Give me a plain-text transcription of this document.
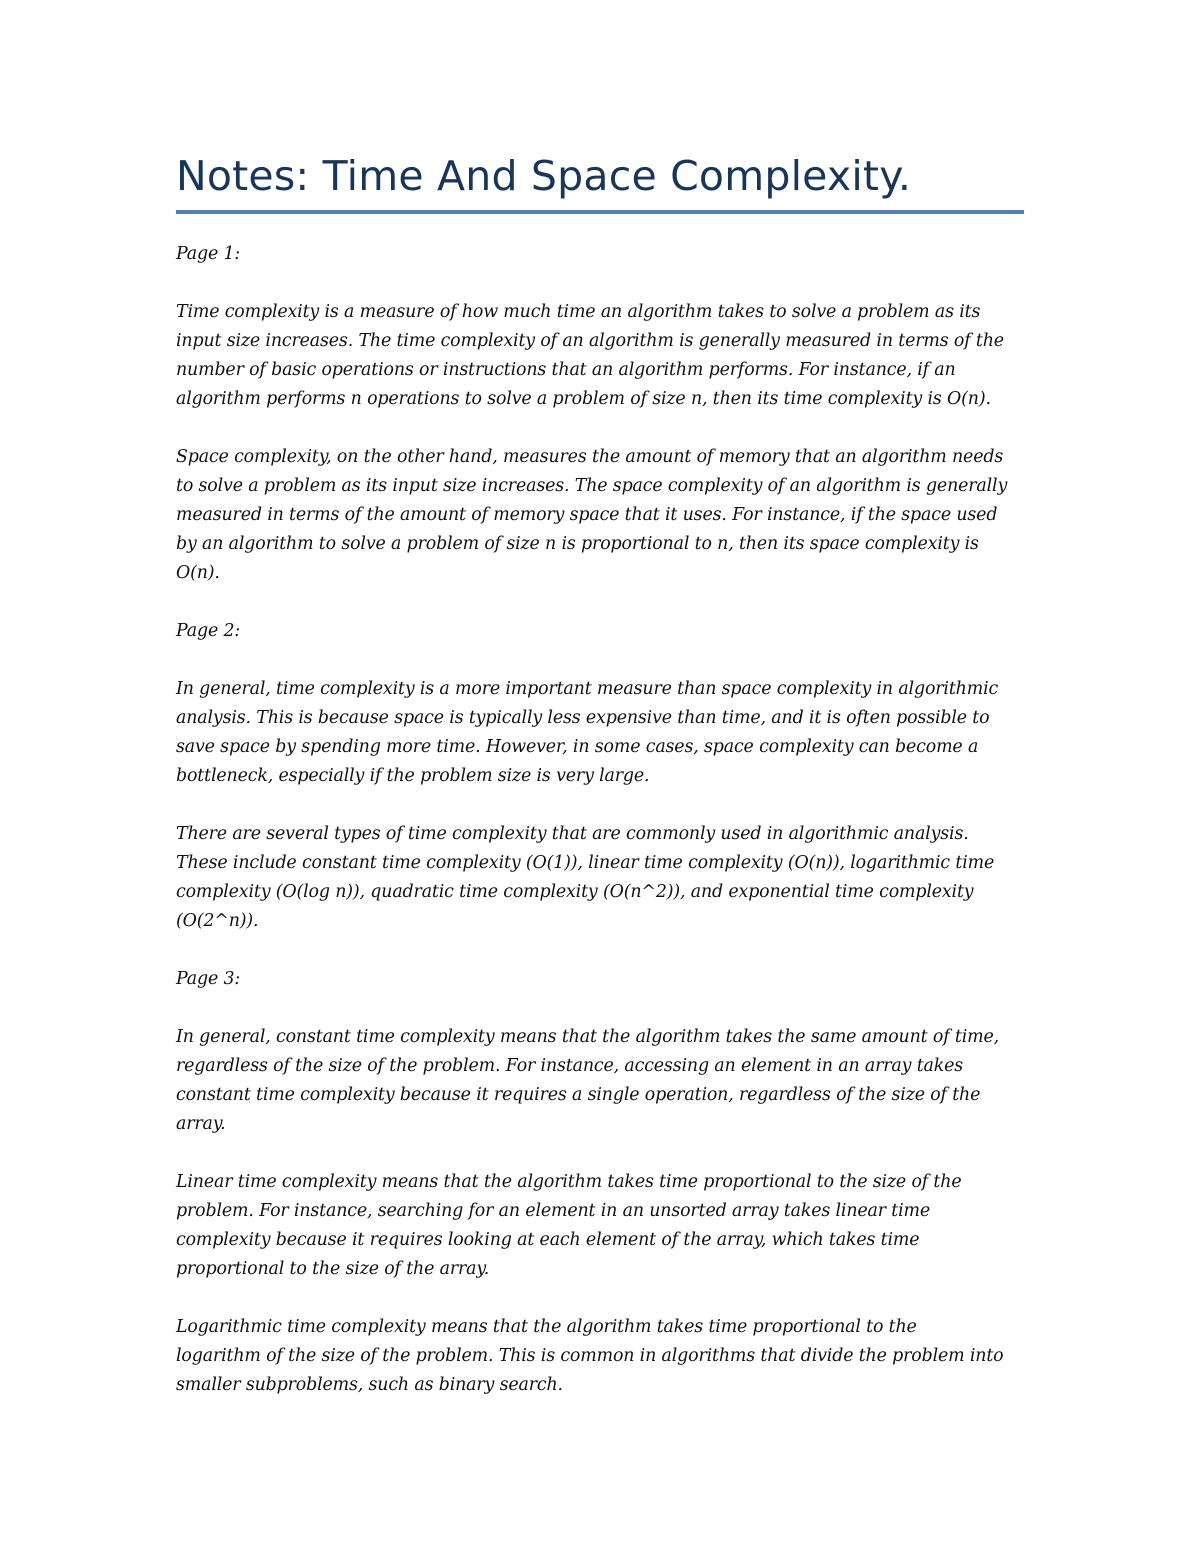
Notes: Time And Space Complexity.

Page 1:

Time complexity is a measure of how much time an algorithm takes to solve a problem as its
input size increases. The time complexity of an algorithm is generally measured in terms of the
number of basic operations or instructions that an algorithm performs. For instance, if an
algorithm performs n operations to solve a problem of size n, then its time complexity is O(n).

Space complexity, on the other hand, measures the amount of memory that an algorithm needs
to solve a problem as its input size increases. The space complexity of an algorithm is generally
measured in terms of the amount of memory space that it uses. For instance, if the space used
by an algorithm to solve a problem of size n is proportional to n, then its space complexity is
O(n).

Page 2:

In general, time complexity is a more important measure than space complexity in algorithmic
analysis. This is because space is typically less expensive than time, and it is often possible to
save space by spending more time. However, in some cases, space complexity can become a
bottleneck, especially if the problem size is very large.

There are several types of time complexity that are commonly used in algorithmic analysis.
These include constant time complexity (O(1)), linear time complexity (O(n)), logarithmic time
complexity (O(log n)), quadratic time complexity (O(n^2)), and exponential time complexity
(O(2^n)).

Page 3:

In general, constant time complexity means that the algorithm takes the same amount of time,
regardless of the size of the problem. For instance, accessing an element in an array takes
constant time complexity because it requires a single operation, regardless of the size of the
array.

Linear time complexity means that the algorithm takes time proportional to the size of the
problem. For instance, searching for an element in an unsorted array takes linear time
complexity because it requires looking at each element of the array, which takes time
proportional to the size of the array.

Logarithmic time complexity means that the algorithm takes time proportional to the
logarithm of the size of the problem. This is common in algorithms that divide the problem into
smaller subproblems, such as binary search.
